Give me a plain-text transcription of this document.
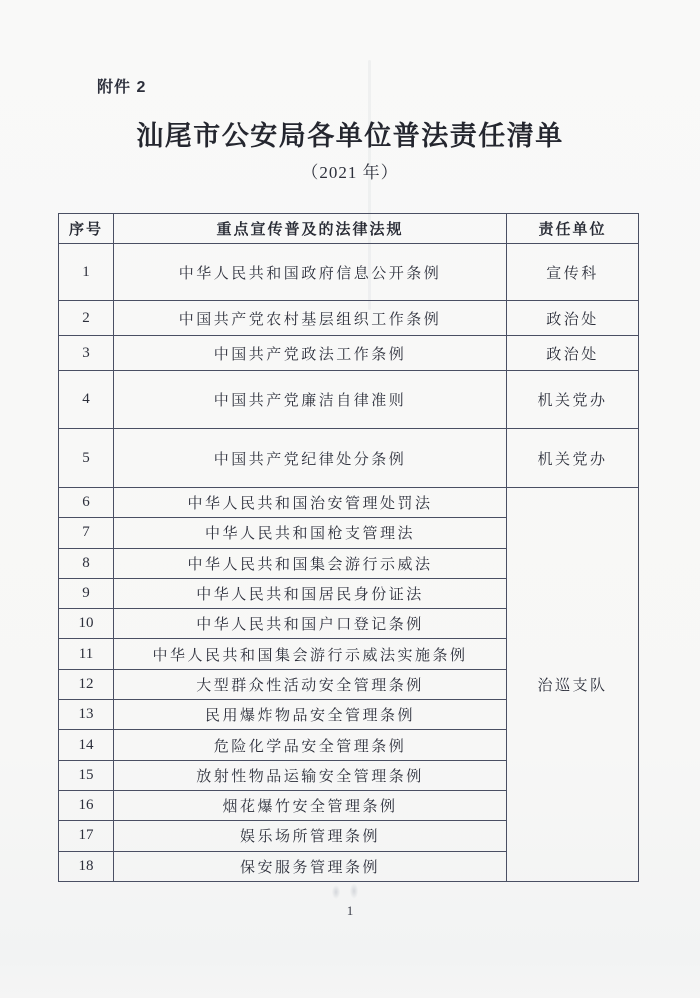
附件 2
汕尾市公安局各单位普法责任清单
（2021 年）
序号	重点宣传普及的法律法规	责任单位
1	中华人民共和国政府信息公开条例	宣传科
2	中国共产党农村基层组织工作条例	政治处
3	中国共产党政法工作条例	政治处
4	中国共产党廉洁自律准则	机关党办
5	中国共产党纪律处分条例	机关党办
6	中华人民共和国治安管理处罚法	治巡支队
7	中华人民共和国枪支管理法	
8	中华人民共和国集会游行示威法	
9	中华人民共和国居民身份证法	
10	中华人民共和国户口登记条例	
11	中华人民共和国集会游行示威法实施条例	
12	大型群众性活动安全管理条例	
13	民用爆炸物品安全管理条例	
14	危险化学品安全管理条例	
15	放射性物品运输安全管理条例	
16	烟花爆竹安全管理条例	
17	娱乐场所管理条例	
18	保安服务管理条例	
1
